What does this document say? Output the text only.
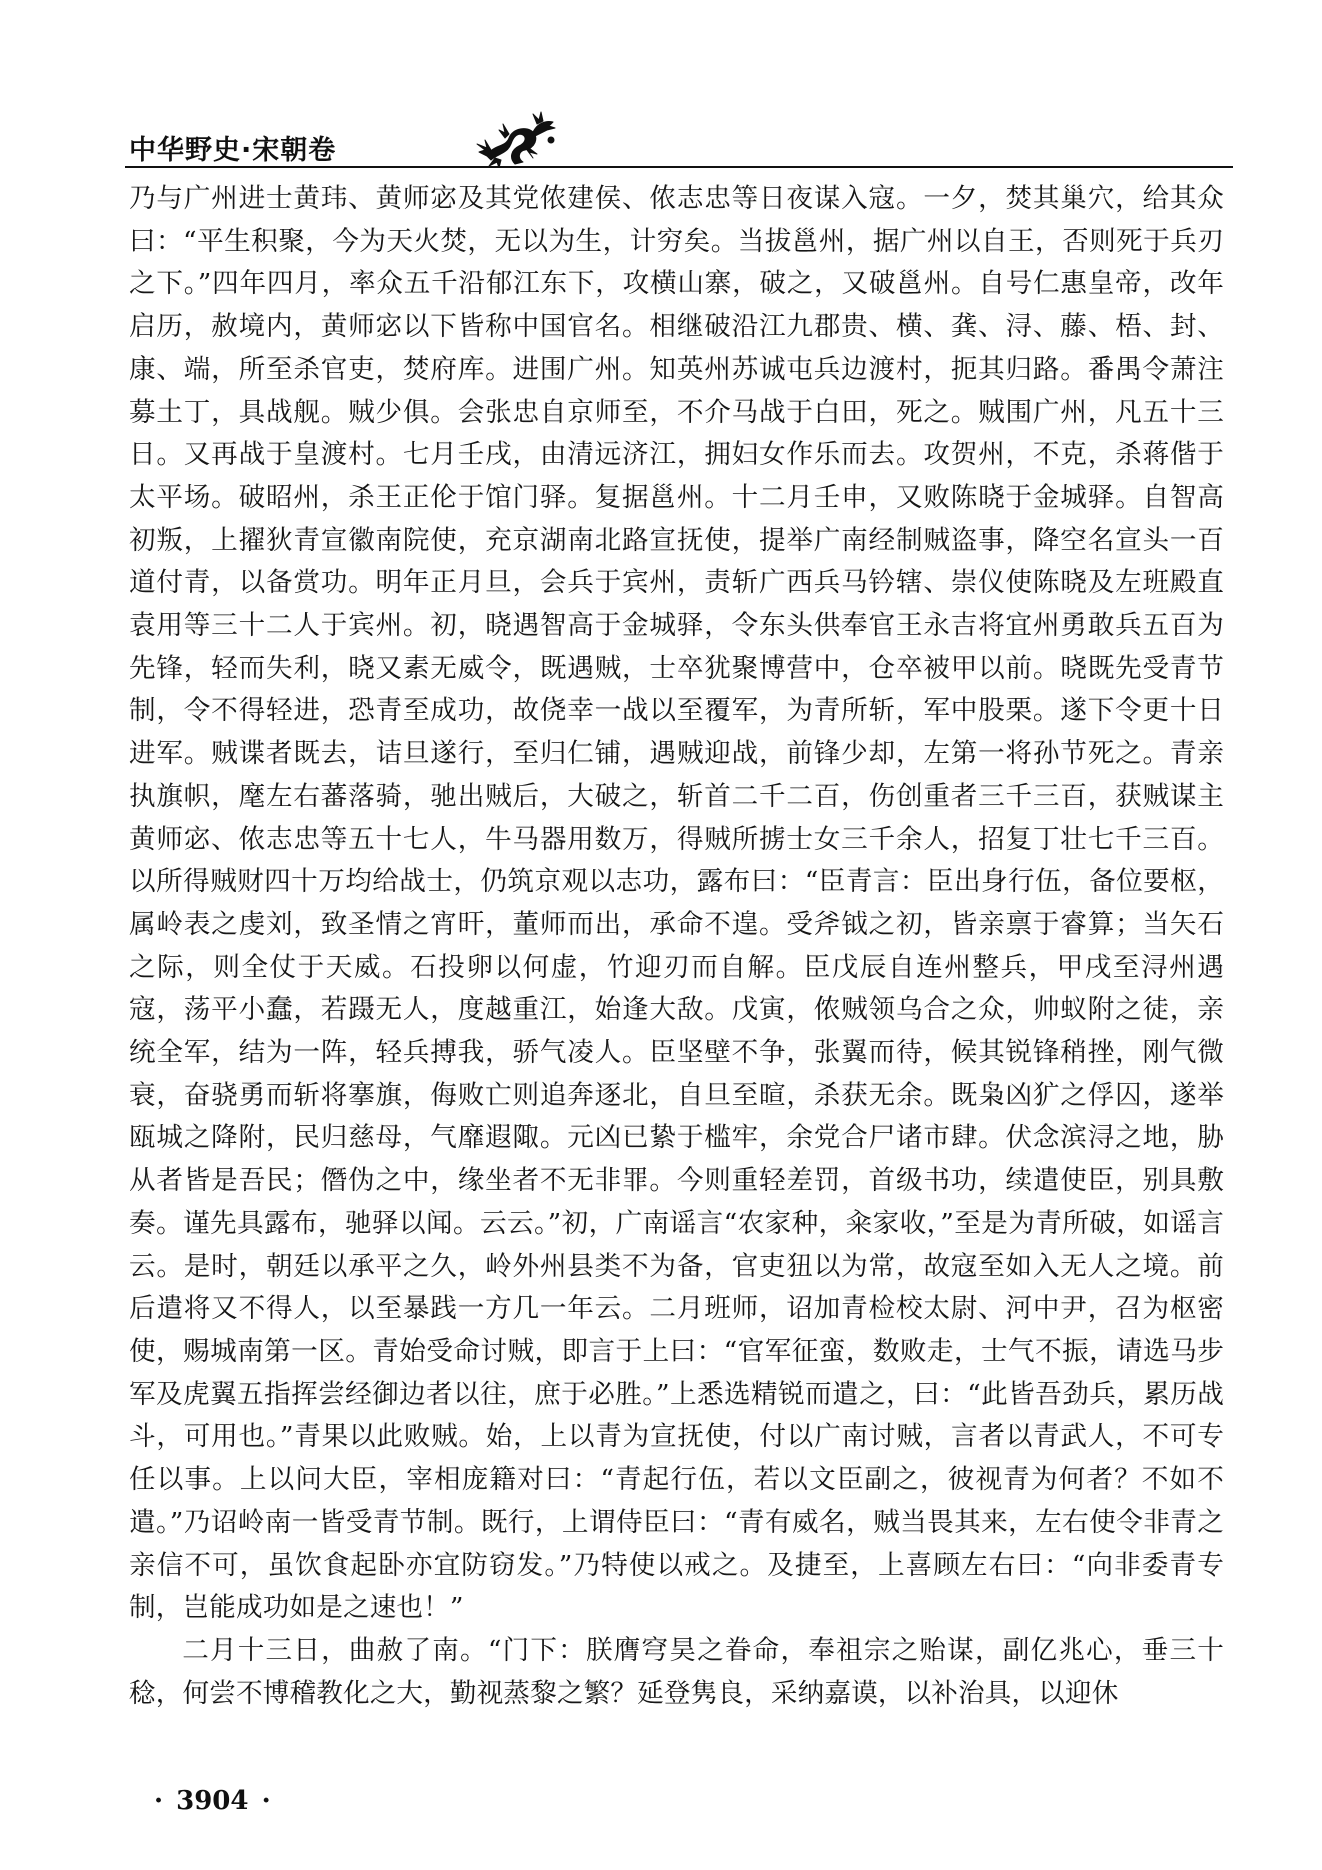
中华野史·宋朝卷

乃与广州进士黄玮、黄师宓及其党侬建侯、侬志忠等日夜谋入寇。一夕，焚其巢穴，给其众曰：“平生积聚，今为天火焚，无以为生，计穷矣。当拔邕州，据广州以自王，否则死于兵刃之下。”四年四月，率众五千沿郁江东下，攻横山寨，破之，又破邕州。自号仁惠皇帝，改年启历，赦境内，黄师宓以下皆称中国官名。相继破沿江九郡贵、横、龚、浔、藤、梧、封、康、端，所至杀官吏，焚府库。进围广州。知英州苏诚屯兵边渡村，扼其归路。番禺令萧注募土丁，具战舰。贼少俱。会张忠自京师至，不介马战于白田，死之。贼围广州，凡五十三日。又再战于皇渡村。七月壬戌，由清远济江，拥妇女作乐而去。攻贺州，不克，杀蒋偕于太平场。破昭州，杀王正伦于馆门驿。复据邕州。十二月壬申，又败陈晓于金城驿。自智高初叛，上擢狄青宣徽南院使，充京湖南北路宣抚使，提举广南经制贼盗事，降空名宣头一百道付青，以备赏功。明年正月旦，会兵于宾州，责斩广西兵马钤辖、崇仪使陈晓及左班殿直袁用等三十二人于宾州。初，晓遇智高于金城驿，令东头供奉官王永吉将宜州勇敢兵五百为先锋，轻而失利，晓又素无威令，既遇贼，士卒犹聚博营中，仓卒被甲以前。晓既先受青节制，令不得轻进，恐青至成功，故侥幸一战以至覆军，为青所斩，军中股栗。遂下令更十日进军。贼谍者既去，诘旦遂行，至归仁铺，遇贼迎战，前锋少却，左第一将孙节死之。青亲执旗帜，麾左右蕃落骑，驰出贼后，大破之，斩首二千二百，伤创重者三千三百，获贼谋主黄师宓、侬志忠等五十七人，牛马器用数万，得贼所掳士女三千余人，招复丁壮七千三百。以所得贼财四十万均给战士，仍筑京观以志功，露布曰：“臣青言：臣出身行伍，备位要枢，属岭表之虔刘，致圣情之宵旰，董师而出，承命不遑。受斧钺之初，皆亲禀于睿算；当矢石之际，则全仗于天威。石投卵以何虚，竹迎刃而自解。臣戊辰自连州整兵，甲戌至浔州遇寇，荡平小蠢，若蹑无人，度越重江，始逢大敌。戊寅，侬贼领乌合之众，帅蚁附之徒，亲统全军，结为一阵，轻兵搏我，骄气凌人。臣坚壁不争，张翼而待，候其锐锋稍挫，刚气微衰，奋骁勇而斩将搴旗，侮败亡则追奔逐北，自旦至暄，杀获无余。既枭凶犷之俘囚，遂举瓯城之降附，民归慈母，气靡遐陬。元凶已絷于槛牢，余党合尸诸市肆。伏念滨浔之地，胁从者皆是吾民；僭伪之中，缘坐者不无非罪。今则重轻差罚，首级书功，续遣使臣，别具敷奏。谨先具露布，驰驿以闻。云云。”初，广南谣言“农家种，籴家收，”至是为青所破，如谣言云。是时，朝廷以承平之久，岭外州县类不为备，官吏狃以为常，故寇至如入无人之境。前后遣将又不得人，以至暴践一方几一年云。二月班师，诏加青检校太尉、河中尹，召为枢密使，赐城南第一区。青始受命讨贼，即言于上曰：“官军征蛮，数败走，士气不振，请选马步军及虎翼五指挥尝经御边者以往，庶于必胜。”上悉选精锐而遣之，曰：“此皆吾劲兵，累历战斗，可用也。”青果以此败贼。始，上以青为宣抚使，付以广南讨贼，言者以青武人，不可专任以事。上以问大臣，宰相庞籍对曰：“青起行伍，若以文臣副之，彼视青为何者？不如不遣。”乃诏岭南一皆受青节制。既行，上谓侍臣曰：“青有威名，贼当畏其来，左右使令非青之亲信不可，虽饮食起卧亦宜防窃发。”乃特使以戒之。及捷至，上喜顾左右曰：“向非委青专制，岂能成功如是之速也！”

二月十三日，曲赦了南。“门下：朕膺穹昊之眷命，奉祖宗之贻谋，副亿兆心，垂三十稔，何尝不博稽教化之大，勤视蒸黎之繁？延登隽良，采纳嘉谟，以补治具，以迎休

· 3904 ·
